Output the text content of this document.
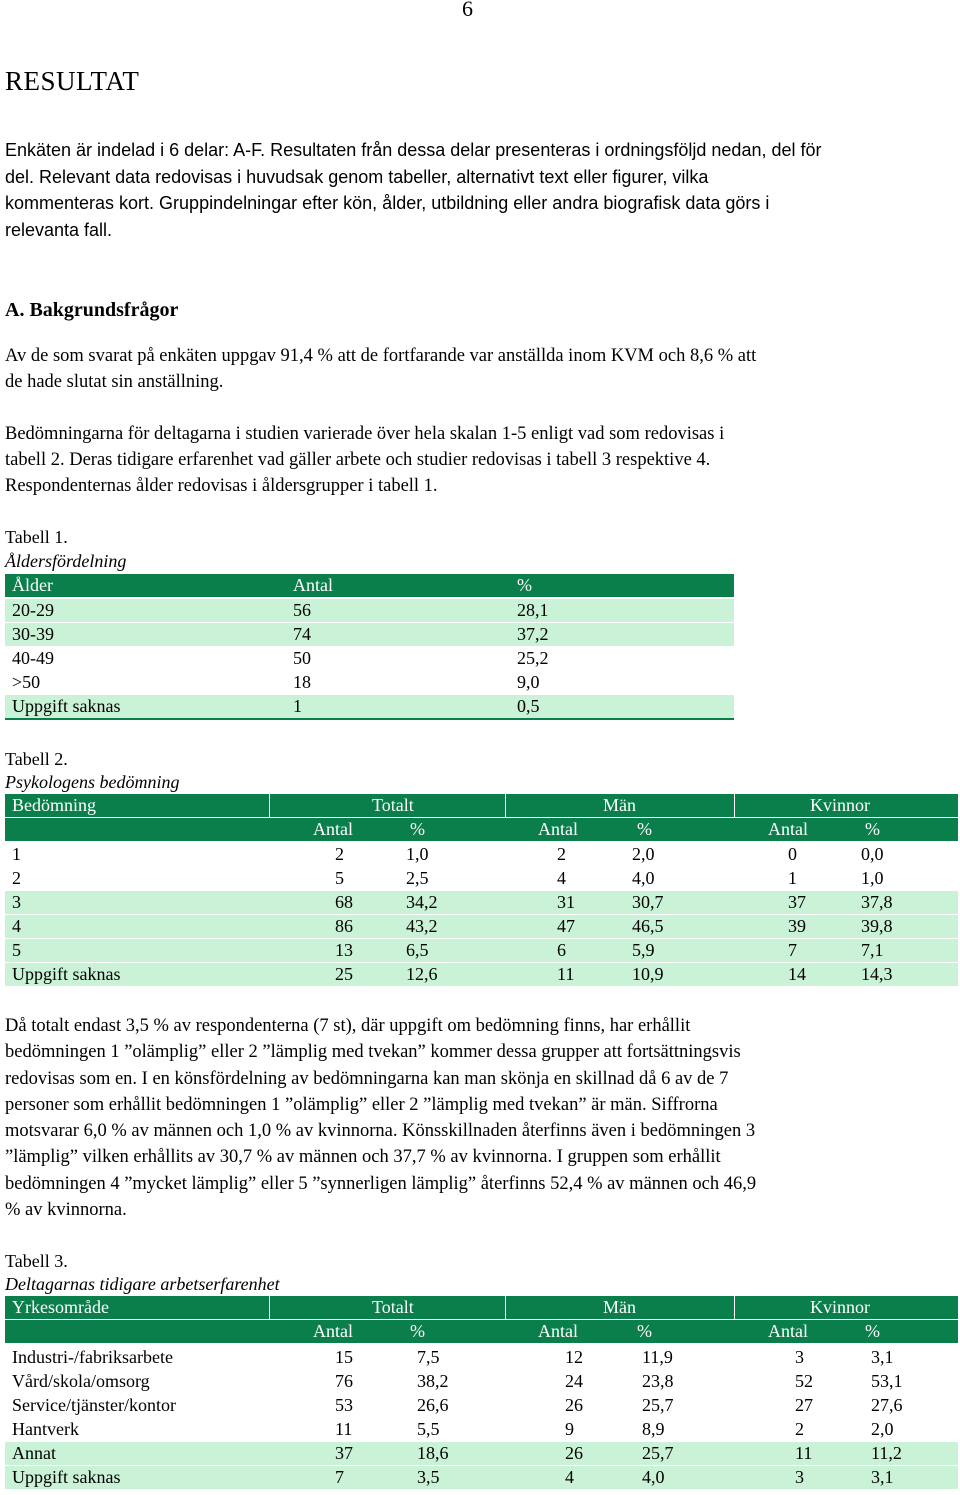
6
RESULTAT
Enkäten är indelad i 6 delar: A-F. Resultaten från dessa delar presenteras i ordningsföljd nedan, del för
del. Relevant data redovisas i huvudsak genom tabeller, alternativt text eller figurer, vilka
kommenteras kort. Gruppindelningar efter kön, ålder, utbildning eller andra biografisk data görs i
relevanta fall.
A. Bakgrundsfrågor
Av de som svarat på enkäten uppgav 91,4 % att de fortfarande var anställda inom KVM och 8,6 % att
de hade slutat sin anställning.
Bedömningarna för deltagarna i studien varierade över hela skalan 1-5 enligt vad som redovisas i
tabell 2. Deras tidigare erfarenhet vad gäller arbete och studier redovisas i tabell 3 respektive 4.
Respondenternas ålder redovisas i åldersgrupper i tabell 1.
Tabell 1.
Åldersfördelning
Ålder	Antal	%
20-29	56	28,1
30-39	74	37,2
40-49	50	25,2
>50	18	9,0
Uppgift saknas	1	0,5
Tabell 2.
Psykologens bedömning
Bedömning	Totalt	Män	Kvinnor
Antal	%	Antal	%	Antal	%
1	2	1,0	2	2,0	0	0,0
2	5	2,5	4	4,0	1	1,0
3	68	34,2	31	30,7	37	37,8
4	86	43,2	47	46,5	39	39,8
5	13	6,5	6	5,9	7	7,1
Uppgift saknas	25	12,6	11	10,9	14	14,3
Då totalt endast 3,5 % av respondenterna (7 st), där uppgift om bedömning finns, har erhållit
bedömningen 1 ”olämplig” eller 2 ”lämplig med tvekan” kommer dessa grupper att fortsättningsvis
redovisas som en. I en könsfördelning av bedömningarna kan man skönja en skillnad då 6 av de 7
personer som erhållit bedömningen 1 ”olämplig” eller 2 ”lämplig med tvekan” är män. Siffrorna
motsvarar 6,0 % av männen och 1,0 % av kvinnorna. Könsskillnaden återfinns även i bedömningen 3
”lämplig” vilken erhållits av 30,7 % av männen och 37,7 % av kvinnorna. I gruppen som erhållit
bedömningen 4 ”mycket lämplig” eller 5 ”synnerligen lämplig” återfinns 52,4 % av männen och 46,9
% av kvinnorna.
Tabell 3.
Deltagarnas tidigare arbetserfarenhet
Yrkesområde	Totalt	Män	Kvinnor
Antal	%	Antal	%	Antal	%
Industri-/fabriksarbete	15	7,5	12	11,9	3	3,1
Vård/skola/omsorg	76	38,2	24	23,8	52	53,1
Service/tjänster/kontor	53	26,6	26	25,7	27	27,6
Hantverk	11	5,5	9	8,9	2	2,0
Annat	37	18,6	26	25,7	11	11,2
Uppgift saknas	7	3,5	4	4,0	3	3,1
